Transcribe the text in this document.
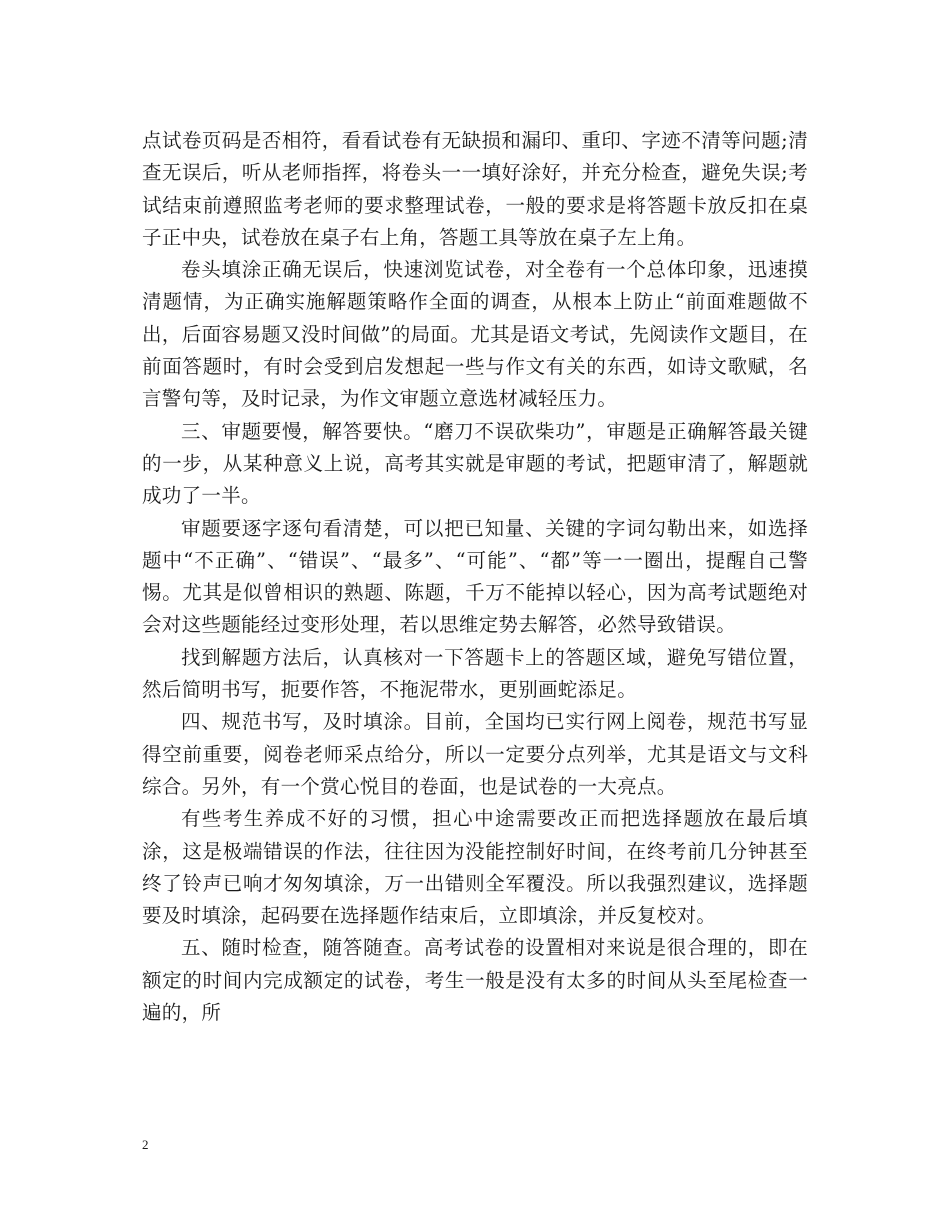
点试卷页码是否相符，看看试卷有无缺损和漏印、重印、字迹不清等问题;清查无误后，听从老师指挥，将卷头一一填好涂好，并充分检查，避免失误;考试结束前遵照监考老师的要求整理试卷，一般的要求是将答题卡放反扣在桌子正中央，试卷放在桌子右上角，答题工具等放在桌子左上角。

卷头填涂正确无误后，快速浏览试卷，对全卷有一个总体印象，迅速摸清题情，为正确实施解题策略作全面的调查，从根本上防止“前面难题做不出，后面容易题又没时间做”的局面。尤其是语文考试，先阅读作文题目，在前面答题时，有时会受到启发想起一些与作文有关的东西，如诗文歌赋，名言警句等，及时记录，为作文审题立意选材减轻压力。

三、审题要慢，解答要快。“磨刀不误砍柴功”，审题是正确解答最关键的一步，从某种意义上说，高考其实就是审题的考试，把题审清了，解题就成功了一半。

审题要逐字逐句看清楚，可以把已知量、关键的字词勾勒出来，如选择题中“不正确”、“错误”、“最多”、“可能”、“都”等一一圈出，提醒自己警惕。尤其是似曾相识的熟题、陈题，千万不能掉以轻心，因为高考试题绝对会对这些题能经过变形处理，若以思维定势去解答，必然导致错误。

找到解题方法后，认真核对一下答题卡上的答题区域，避免写错位置，然后简明书写，扼要作答，不拖泥带水，更别画蛇添足。

四、规范书写，及时填涂。目前，全国均已实行网上阅卷，规范书写显得空前重要，阅卷老师采点给分，所以一定要分点列举，尤其是语文与文科综合。另外，有一个赏心悦目的卷面，也是试卷的一大亮点。

有些考生养成不好的习惯，担心中途需要改正而把选择题放在最后填涂，这是极端错误的作法，往往因为没能控制好时间，在终考前几分钟甚至终了铃声已响才匆匆填涂，万一出错则全军覆没。所以我强烈建议，选择题要及时填涂，起码要在选择题作结束后，立即填涂，并反复校对。

五、随时检查，随答随查。高考试卷的设置相对来说是很合理的，即在额定的时间内完成额定的试卷，考生一般是没有太多的时间从头至尾检查一遍的，所

2
